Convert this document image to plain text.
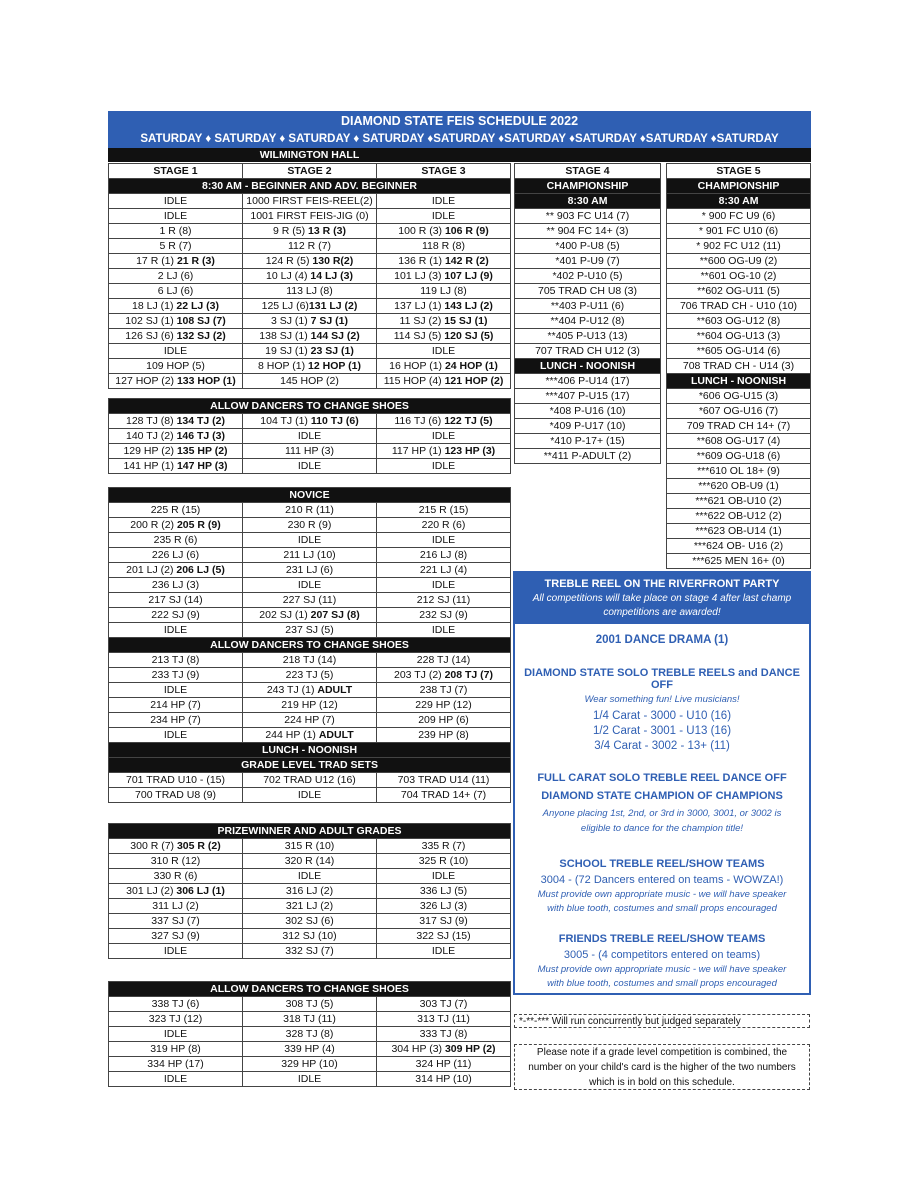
DIAMOND STATE FEIS SCHEDULE 2022
SATURDAY ♦ SATURDAY ♦ SATURDAY ♦ SATURDAY ♦SATURDAY ♦SATURDAY ♦SATURDAY ♦SATURDAY ♦SATURDAY
WILMINGTON HALL
STAGE 1	STAGE 2	STAGE 3
8:30 AM - BEGINNER AND ADV. BEGINNER		
IDLE	1000 FIRST FEIS-REEL(2)	IDLE
IDLE	1001 FIRST FEIS-JIG (0)	IDLE
1 R (8)	9 R (5) 13 R (3)	100 R (3) 106 R (9)
5 R (7)	112 R (7)	118 R (8)
17 R (1) 21 R (3)	124 R (5) 130 R(2)	136 R (1) 142 R (2)
2 LJ (6)	10 LJ (4) 14 LJ (3)	101 LJ (3) 107 LJ (9)
6 LJ (6)	113 LJ (8)	119 LJ (8)
18 LJ (1) 22 LJ (3)	125 LJ (6)131 LJ (2)	137 LJ (1) 143 LJ (2)
102 SJ (1) 108 SJ (7)	3 SJ (1) 7 SJ (1)	11 SJ (2) 15 SJ (1)
126 SJ (6) 132 SJ (2)	138 SJ (1) 144 SJ (2)	114 SJ (5) 120 SJ (5)
IDLE	19 SJ (1) 23 SJ (1)	IDLE
109 HOP (5)	8 HOP (1) 12 HOP (1)	16 HOP (1) 24 HOP (1)
127 HOP (2) 133 HOP (1)	145 HOP (2)	115 HOP (4) 121 HOP (2)
ALLOW DANCERS TO CHANGE SHOES		
128 TJ (8) 134 TJ (2)	104 TJ (1) 110 TJ (6)	116 TJ (6) 122 TJ (5)
140 TJ (2) 146 TJ (3)	IDLE	IDLE
129 HP (2) 135 HP (2)	111 HP (3)	117 HP (1) 123 HP (3)
141 HP (1) 147 HP (3)	IDLE	IDLE
NOVICE		
225 R (15)	210 R (11)	215 R (15)
200 R (2) 205 R (9)	230 R (9)	220 R (6)
235 R (6)	IDLE	IDLE
226 LJ (6)	211 LJ (10)	216 LJ (8)
201 LJ (2) 206 LJ (5)	231 LJ (6)	221 LJ (4)
236 LJ (3)	IDLE	IDLE
217 SJ (14)	227 SJ (11)	212 SJ (11)
222 SJ (9)	202 SJ (1) 207 SJ (8)	232 SJ (9)
IDLE	237 SJ (5)	IDLE
ALLOW DANCERS TO CHANGE SHOES		
213 TJ (8)	218 TJ (14)	228 TJ (14)
233 TJ (9)	223 TJ (5)	203 TJ (2) 208 TJ (7)
IDLE	243 TJ (1) ADULT	238 TJ (7)
214 HP (7)	219 HP (12)	229 HP (12)
234 HP (7)	224 HP (7)	209 HP (6)
IDLE	244 HP (1) ADULT	239 HP (8)
LUNCH - NOONISH		
GRADE LEVEL TRAD SETS		
701 TRAD U10 - (15)	702 TRAD U12 (16)	703 TRAD U14 (11)
700 TRAD U8 (9)	IDLE	704 TRAD 14+ (7)
PRIZEWINNER AND ADULT GRADES		
300 R (7) 305 R (2)	315 R (10)	335 R (7)
310 R (12)	320 R (14)	325 R (10)
330 R (6)	IDLE	IDLE
301 LJ (2) 306 LJ (1)	316 LJ (2)	336 LJ (5)
311 LJ (2)	321 LJ (2)	326 LJ (3)
337 SJ (7)	302 SJ (6)	317 SJ (9)
327 SJ (9)	312 SJ (10)	322 SJ (15)
IDLE	332 SJ (7)	IDLE
ALLOW DANCERS TO CHANGE SHOES		
338 TJ (6)	308 TJ (5)	303 TJ (7)
323 TJ (12)	318 TJ (11)	313 TJ (11)
IDLE	328 TJ (8)	333 TJ (8)
319 HP (8)	339 HP (4)	304 HP (3) 309 HP (2)
334 HP (17)	329 HP (10)	324 HP (11)
IDLE	IDLE	314 HP (10)
STAGE 4
CHAMPIONSHIP
8:30 AM
** 903 FC U14 (7)
** 904 FC 14+ (3)
*400 P-U8 (5)
*401 P-U9 (7)
*402 P-U10 (5)
705 TRAD CH U8 (3)
**403 P-U11 (6)
**404 P-U12 (8)
**405 P-U13 (13)
707 TRAD CH U12 (3)
LUNCH - NOONISH
***406 P-U14 (17)
***407 P-U15 (17)
*408 P-U16 (10)
*409 P-U17 (10)
*410 P-17+ (15)
**411 P-ADULT (2)
STAGE 5
CHAMPIONSHIP
8:30 AM
* 900 FC U9 (6)
* 901 FC U10 (6)
* 902 FC U12 (11)
**600 OG-U9 (2)
**601 OG-10 (2)
**602 OG-U11 (5)
706 TRAD CH - U10 (10)
**603 OG-U12 (8)
**604 OG-U13 (3)
**605 OG-U14 (6)
708 TRAD CH - U14 (3)
LUNCH - NOONISH
*606 OG-U15 (3)
*607 OG-U16 (7)
709 TRAD CH 14+ (7)
**608 OG-U17 (4)
**609 OG-U18 (6)
***610 OL 18+ (9)
***620 OB-U9 (1)
***621 OB-U10 (2)
***622 OB-U12 (2)
***623 OB-U14 (1)
***624 OB- U16 (2)
***625 MEN 16+ (0)
TREBLE REEL ON THE RIVERFRONT PARTY
All competitions will take place on stage 4 after last champ competitions are awarded!
2001 DANCE DRAMA (1)
DIAMOND STATE SOLO TREBLE REELS and DANCE OFF
Wear something fun! Live musicians!
1/4 Carat - 3000 - U10 (16)
1/2 Carat - 3001 - U13 (16)
3/4 Carat - 3002 - 13+ (11)
FULL CARAT SOLO TREBLE REEL DANCE OFF
DIAMOND STATE CHAMPION OF CHAMPIONS
Anyone placing 1st, 2nd, or 3rd in 3000, 3001, or 3002 is eligible to dance for the champion title!
SCHOOL TREBLE REEL/SHOW TEAMS
3004 - (72 Dancers entered on teams - WOWZA!)
Must provide own appropriate music - we will have speaker with blue tooth, costumes and small props encouraged
FRIENDS TREBLE REEL/SHOW TEAMS
3005 - (4 competitors entered on teams)
Must provide own appropriate music - we will have speaker with blue tooth, costumes and small props encouraged
*-**-*** Will run concurrently but judged separately
Please note if a grade level competition is combined, the number on your child's card is the higher of the two numbers which is in bold on this schedule.
